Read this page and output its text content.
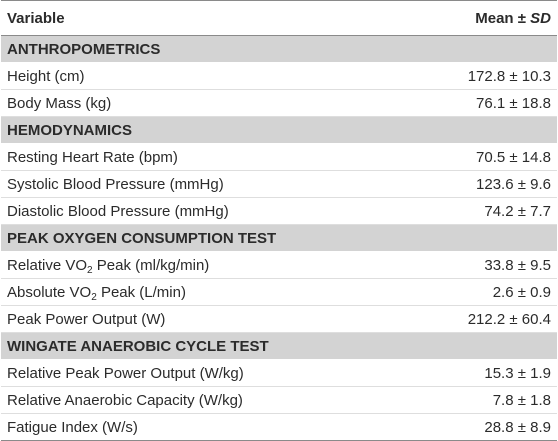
Variable	Mean ± SD
ANTHROPOMETRICS	
Height (cm)	172.8 ± 10.3
Body Mass (kg)	76.1 ± 18.8
HEMODYNAMICS	
Resting Heart Rate (bpm)	70.5 ± 14.8
Systolic Blood Pressure (mmHg)	123.6 ± 9.6
Diastolic Blood Pressure (mmHg)	74.2 ± 7.7
PEAK OXYGEN CONSUMPTION TEST	
Relative $VO_2$ Peak (ml/kg/min)	33.8 ± 9.5
Absolute $VO_2$ Peak (L/min)	2.6 ± 0.9
Peak Power Output (W)	212.2 ± 60.4
WINGATE ANAEROBIC CYCLE TEST	
Relative Peak Power Output (W/kg)	15.3 ± 1.9
Relative Anaerobic Capacity (W/kg)	7.8 ± 1.8
Fatigue Index (W/s)	28.8 ± 8.9
